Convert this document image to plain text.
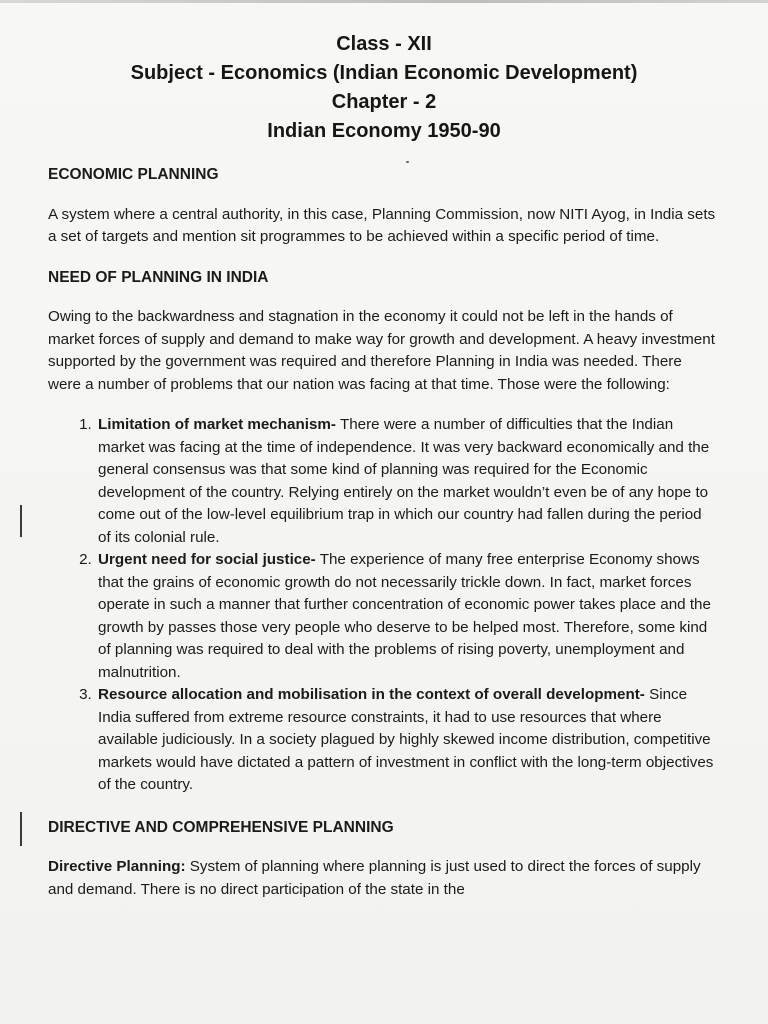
Class - XII
Subject - Economics (Indian Economic Development)
Chapter - 2
Indian Economy 1950-90
ECONOMIC PLANNING

A system where a central authority, in this case, Planning Commission, now NITI Ayog, in India sets a set of targets and mention sit programmes to be achieved within a specific period of time.

NEED OF PLANNING IN INDIA

Owing to the backwardness and stagnation in the economy it could not be left in the hands of market forces of supply and demand to make way for growth and development. A heavy investment supported by the government was required and therefore Planning in India was needed. There were a number of problems that our nation was facing at that time. Those were the following:

1. Limitation of market mechanism- There were a number of difficulties that the Indian market was facing at the time of independence. It was very backward economically and the general consensus was that some kind of planning was required for the Economic development of the country. Relying entirely on the market wouldn’t even be of any hope to come out of the low-level equilibrium trap in which our country had fallen during the period of its colonial rule.
2. Urgent need for social justice- The experience of many free enterprise Economy shows that the grains of economic growth do not necessarily trickle down. In fact, market forces operate in such a manner that further concentration of economic power takes place and the growth by passes those very people who deserve to be helped most. Therefore, some kind of planning was required to deal with the problems of rising poverty, unemployment and malnutrition.
3. Resource allocation and mobilisation in the context of overall development- Since India suffered from extreme resource constraints, it had to use resources that where available judiciously. In a society plagued by highly skewed income distribution, competitive markets would have dictated a pattern of investment in conflict with the long-term objectives of the country.
DIRECTIVE AND COMPREHENSIVE PLANNING

Directive Planning: System of planning where planning is just used to direct the forces of supply and demand. There is no direct participation of the state in the
